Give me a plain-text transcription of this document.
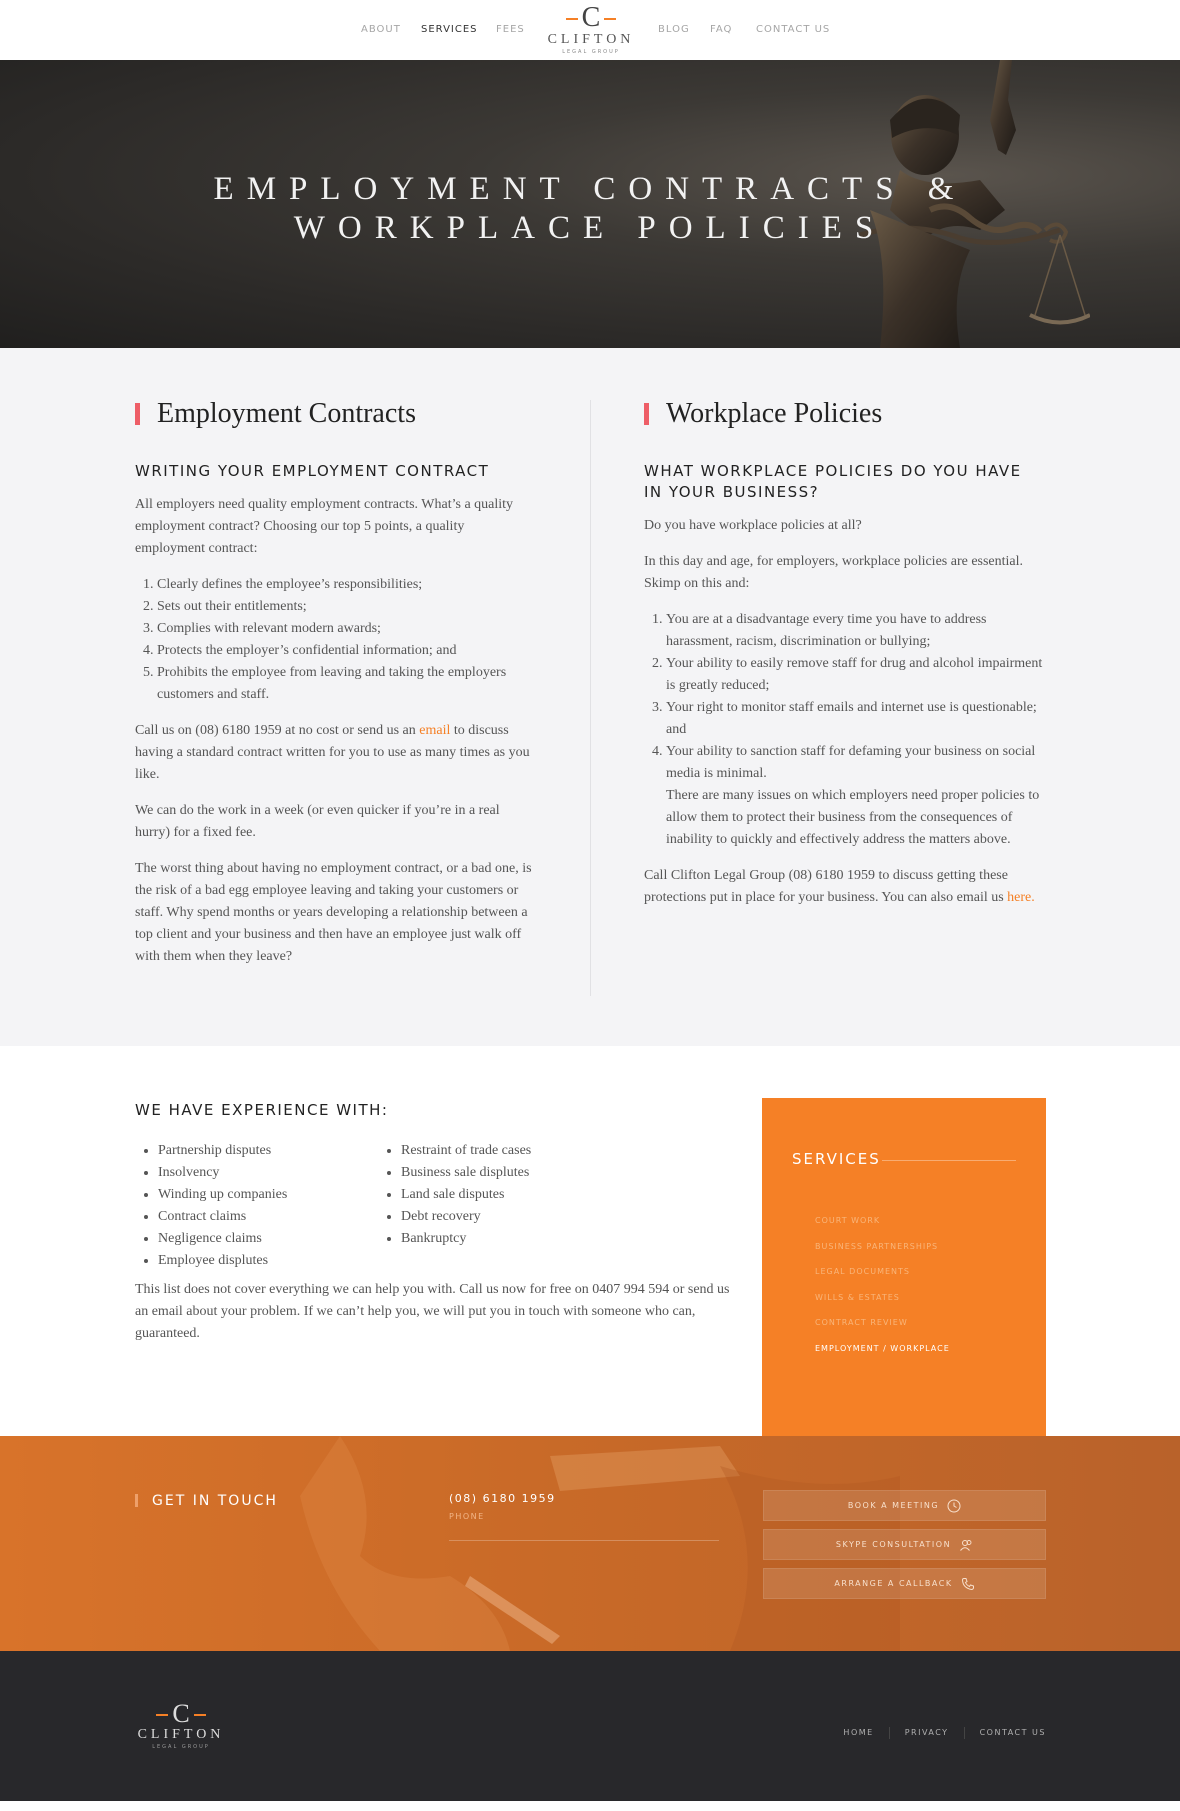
ABOUT SERVICES FEES	C
CLIFTON
LEGAL GROUP
BLOG FAQ CONTACT US
EMPLOYMENT CONTRACTS &
WORKPLACE POLICIES
Employment Contracts
WRITING YOUR EMPLOYMENT CONTRACT

All employers need quality employment contracts. What’s a quality employment contract? Choosing our top 5 points, a quality employment contract:

1. Clearly defines the employee’s responsibilities;
2. Sets out their entitlements;
3. Complies with relevant modern awards;
4. Protects the employer’s confidential information; and
5. Prohibits the employee from leaving and taking the employers customers and staff.

Call us on (08) 6180 1959 at no cost or send us an email to discuss having a standard contract written for you to use as many times as you like.

We can do the work in a week (or even quicker if you’re in a real hurry) for a fixed fee.

The worst thing about having no employment contract, or a bad one, is the risk of a bad egg employee leaving and taking your customers or staff. Why spend months or years developing a relationship between a top client and your business and then have an employee just walk off with them when they leave?

Workplace Policies
WHAT WORKPLACE POLICIES DO YOU HAVE IN YOUR BUSINESS?

Do you have workplace policies at all?

In this day and age, for employers, workplace policies are essential. Skimp on this and:

1. You are at a disadvantage every time you have to address harassment, racism, discrimination or bullying;
2. Your ability to easily remove staff for drug and alcohol impairment is greatly reduced;
3. Your right to monitor staff emails and internet use is questionable; and
4. Your ability to sanction staff for defaming your business on social media is minimal.
There are many issues on which employers need proper policies to allow them to protect their business from the consequences of inability to quickly and effectively address the matters above.

Call Clifton Legal Group (08) 6180 1959 to discuss getting these protections put in place for your business. You can also email us here.

WE HAVE EXPERIENCE WITH:
• Partnership disputes
• Insolvency
• Winding up companies
• Contract claims
• Negligence claims
• Employee displutes
• Restraint of trade cases
• Business sale displutes
• Land sale disputes
• Debt recovery
• Bankruptcy

This list does not cover everything we can help you with. Call us now for free on 0407 994 594 or send us an email about your problem. If we can’t help you, we will put you in touch with someone who can, guaranteed.

SERVICES
COURT WORK
BUSINESS PARTNERSHIPS
LEGAL DOCUMENTS
WILLS & ESTATES
CONTRACT REVIEW
EMPLOYMENT / WORKPLACE
GET IN TOUCH	(08) 6180 1959
PHONE
BOOK A MEETING
SKYPE CONSULTATION
ARRANGE A CALLBACK
C
CLIFTON
LEGAL GROUP
HOME	PRIVACY	CONTACT US
